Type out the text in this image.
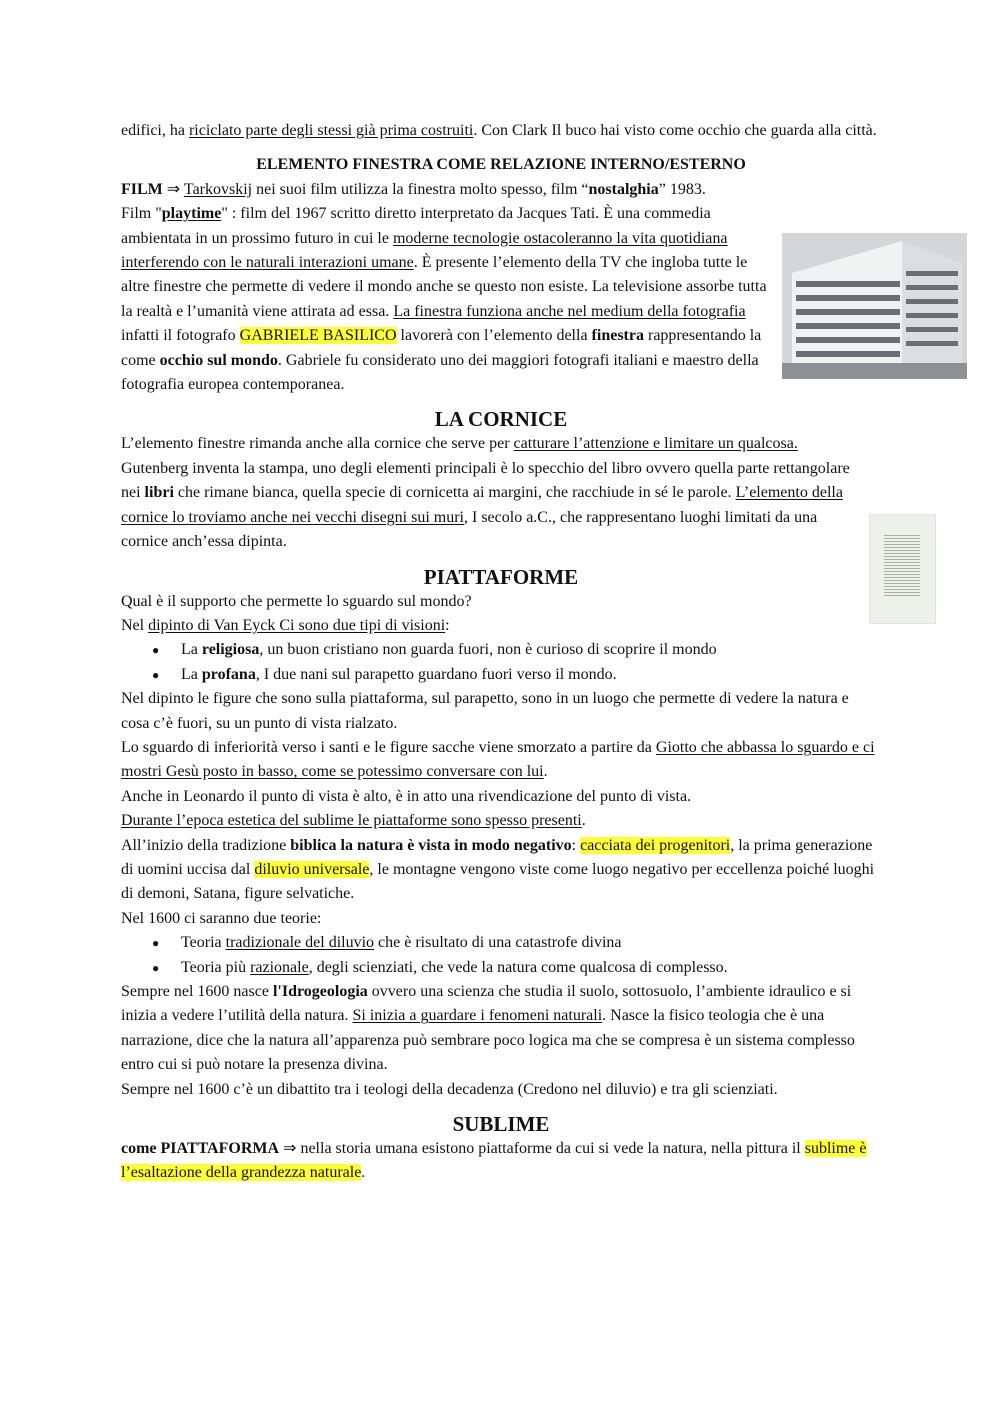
edifici, ha riciclato parte degli stessi già prima costruiti. Con Clark Il buco hai visto come occhio che guarda alla città.

ELEMENTO FINESTRA COME RELAZIONE INTERNO/ESTERNO

FILM ⇒ Tarkovskij nei suoi film utilizza la finestra molto spesso, film “nostalghia” 1983.

Film "playtime" : film del 1967 scritto diretto interpretato da Jacques Tati. È una commedia ambientata in un prossimo futuro in cui le moderne tecnologie ostacoleranno la vita quotidiana interferendo con le naturali interazioni umane. È presente l’elemento della TV che ingloba tutte le altre finestre che permette di vedere il mondo anche se questo non esiste. La televisione assorbe tutta la realtà e l’umanità viene attirata ad essa. La finestra funziona anche nel medium della fotografia infatti il fotografo GABRIELE BASILICO lavorerà con l’elemento della finestra rappresentando la come occhio sul mondo. Gabriele fu considerato uno dei maggiori fotografi italiani e maestro della fotografia europea contemporanea.

LA CORNICE

L’elemento finestre rimanda anche alla cornice che serve per catturare l’attenzione e limitare un qualcosa. Gutenberg inventa la stampa, uno degli elementi principali è lo specchio del libro ovvero quella parte rettangolare nei libri che rimane bianca, quella specie di cornicetta ai margini, che racchiude in sé le parole. L’elemento della cornice lo troviamo anche nei vecchi disegni sui muri, I secolo a.C., che rappresentano luoghi limitati da una cornice anch’essa dipinta.

PIATTAFORME

Qual è il supporto che permette lo sguardo sul mondo?

Nel dipinto di Van Eyck Ci sono due tipi di visioni:

● La religiosa, un buon cristiano non guarda fuori, non è curioso di scoprire il mondo
● La profana, I due nani sul parapetto guardano fuori verso il mondo.

Nel dipinto le figure che sono sulla piattaforma, sul parapetto, sono in un luogo che permette di vedere la natura e cosa c’è fuori, su un punto di vista rialzato.

Lo sguardo di inferiorità verso i santi e le figure sacche viene smorzato a partire da Giotto che abbassa lo sguardo e ci mostri Gesù posto in basso, come se potessimo conversare con lui.

Anche in Leonardo il punto di vista è alto, è in atto una rivendicazione del punto di vista.

Durante l’epoca estetica del sublime le piattaforme sono spesso presenti.

All’inizio della tradizione biblica la natura è vista in modo negativo: cacciata dei progenitori, la prima generazione di uomini uccisa dal diluvio universale, le montagne vengono viste come luogo negativo per eccellenza poiché luoghi di demoni, Satana, figure selvatiche.

Nel 1600 ci saranno due teorie:

● Teoria tradizionale del diluvio che è risultato di una catastrofe divina
● Teoria più razionale, degli scienziati, che vede la natura come qualcosa di complesso.

Sempre nel 1600 nasce l'Idrogeologia ovvero una scienza che studia il suolo, sottosuolo, l’ambiente idraulico e si inizia a vedere l’utilità della natura. Si inizia a guardare i fenomeni naturali. Nasce la fisico teologia che è una narrazione, dice che la natura all’apparenza può sembrare poco logica ma che se compresa è un sistema complesso entro cui si può notare la presenza divina.

Sempre nel 1600 c’è un dibattito tra i teologi della decadenza (Credono nel diluvio) e tra gli scienziati.

SUBLIME

come PIATTAFORMA ⇒ nella storia umana esistono piattaforme da cui si vede la natura, nella pittura il sublime è l’esaltazione della grandezza naturale.
